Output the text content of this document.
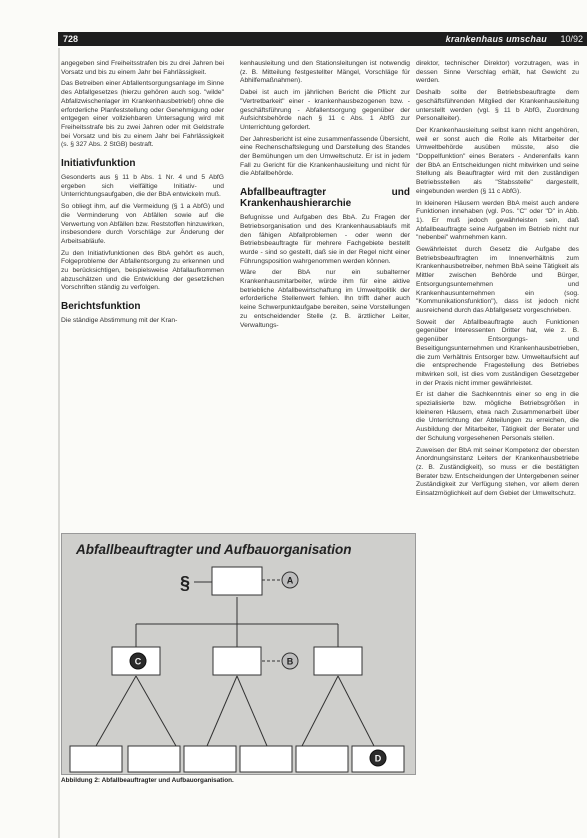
728	krankenhaus umschau 10/92

angegeben sind Freiheitsstrafen bis zu drei Jahren bei Vorsatz und bis zu einem Jahr bei Fahrlässigkeit.

Das Betreiben einer Abfallentsorgungsanlage im Sinne des Abfallgesetzes (hierzu gehören auch sog. "wilde" Abfallzwischenlager im Krankenhausbetrieb!) ohne die erforderliche Planfeststellung oder Genehmigung oder entgegen einer vollziehbaren Untersagung wird mit Freiheitsstrafe bis zu zwei Jahren oder mit Geldstrafe bei Vorsatz und bis zu einem Jahr bei Fahrlässigkeit (s. § 327 Abs. 2 StGB) bestraft.

Initiativfunktion

Gesonderts aus § 11 b Abs. 1 Nr. 4 und 5 AbfG ergeben sich vielfältige Initiativ- und Unterrichtungsaufgaben, die der BbA entwickeln muß.

So obliegt ihm, auf die Vermeidung (§ 1 a AbfG) und die Verminderung von Abfällen sowie auf die Verwertung von Abfällen bzw. Reststoffen hinzuwirken, insbesondere durch Vorschläge zur Änderung der Arbeitsabläufe.

Zu den Initiativfunktionen des BbA gehört es auch, Folgeprobleme der Abfallentsorgung zu erkennen und zu berücksichtigen, beispielsweise Abfallaufkommen abzuschätzen und die Entwicklung der gesetzlichen Vorschriften ständig zu verfolgen.

Berichtsfunktion

Die ständige Abstimmung mit der Kran-

kenhausleitung und den Stationsleitungen ist notwendig (z. B. Mitteilung festgestellter Mängel, Vorschläge für Abhilfemaßnahmen).

Dabei ist auch im jährlichen Bericht die Pflicht zur "Vertretbarkeit" einer - krankenhausbezogenen bzw. -geschäftsführung - Abfallentsorgung gegenüber der Aufsichtsbehörde nach § 11 c Abs. 1 AbfG zur Unterrichtung gefordert.

Der Jahresbericht ist eine zusammenfassende Übersicht, eine Rechenschaftslegung und Darstellung des Standes der Bemühungen um den Umweltschutz. Er ist in jedem Fall zu Gericht für die Krankenhausleitung und nicht für die Abfallbehörde.

Abfallbeauftragter und Krankenhaushierarchie

Befugnisse und Aufgaben des BbA. Zu Fragen der Betriebsorganisation und des Krankenhausablaufs mit den fähigen Abfallproblemen - oder wenn der Betriebsbeauftragte für mehrere Fachgebiete bestellt wurde - sind so gestellt, daß sie in der Regel nicht einer Führungsposition wahrgenommen werden können.

Wäre der BbA nur ein subalterner Krankenhausmitarbeiter, würde ihm für eine aktive betriebliche Abfallbewirtschaftung im Umweltpolitik der erforderliche Stellenwert fehlen. Ihn trifft daher auch keine Schwerpunktaufgabe bereiten, seine Vorstellungen zu entscheidender Stelle (z. B. ärztlicher Leiter, Verwaltungs-

direktor, technischer Direktor) vorzutragen, was in dessen Sinne Verschlag erhält, hat Gewicht zu werden.

Deshalb sollte der Betriebsbeauftragte dem geschäftsführenden Mitglied der Krankenhausleitung unterstellt werden (vgl. § 11 b AbfG, Zuordnung Personalleiter).

Der Krankenhausleitung selbst kann nicht angehören, weil er sonst auch die Rolle als Mitarbeiter der Umweltbehörde ausüben müsste, also die "Doppelfunktion" eines Beraters - Anderenfalls kann der BbA an Entscheidungen nicht mitwirken und seine Stellung als Beauftragter wird mit den zuständigen Betriebsstellen als "Stabsstelle" dargestellt, eingebunden werden (§ 11 c AbfG).

In kleineren Häusern werden BbA meist auch andere Funktionen innehaben (vgl. Pos. "C" oder "D" in Abb. 1). Er muß jedoch gewährleisten sein, daß Abfallbeauftragte seine Aufgaben im Betrieb nicht nur "nebenbei" wahrnehmen kann.

Gewährleistet durch Gesetz die Aufgabe des Betriebsbeauftragten im Innenverhältnis zum Krankenhausbetreiber, nehmen BbA seine Tätigkeit als Mittler zwischen Behörde und Bürger, Entsorgungsunternehmen und Krankenhausunternehmen ein (sog. "Kommunikationsfunktion"), dass ist jedoch nicht ausreichend durch das Abfallgesetz vorgeschrieben.

Soweit der Abfallbeauftragte auch Funktionen gegenüber Interessenten Dritter hat, wie z. B. gegenüber Entsorgungs- und Beseitigungsunternehmen und Krankenhausbetrieben, die zum Verhältnis Entsorger bzw. Umweltaufsicht auf die entsprechende Fragestellung des Betriebes mitwirken soll, ist dies vom zuständigen Gesetzgeber in der Praxis nicht immer gewährleistet.

Er ist daher die Sachkenntnis einer so eng in die spezialisierte bzw. mögliche Betriebsgrößen in kleineren Häusern, etwa nach Zusammenarbeit über die Unterrichtung der Abteilungen zu erreichen, die Ausbildung der Mitarbeiter, Tätigkeit der Berater und der Schulung vorgesehenen Personals stellen.

Zuweisen der BbA mit seiner Kompetenz der obersten Anordnungsinstanz Leiters der Krankenhausbetriebe (z. B. Zuständigkeit), so muss er die bestätigten Berater bzw. Entscheidungen der Untergebenen seiner Zuständigkeit zur Verfügung stehen, vor allem deren Einsatzmöglichkeit auf dem Gebiet der Umweltschutz.

Abfallbeauftragter und Aufbauorganisation
§	A
B
C
D
Abbildung 2: Abfallbeauftragter und Aufbauorganisation.
